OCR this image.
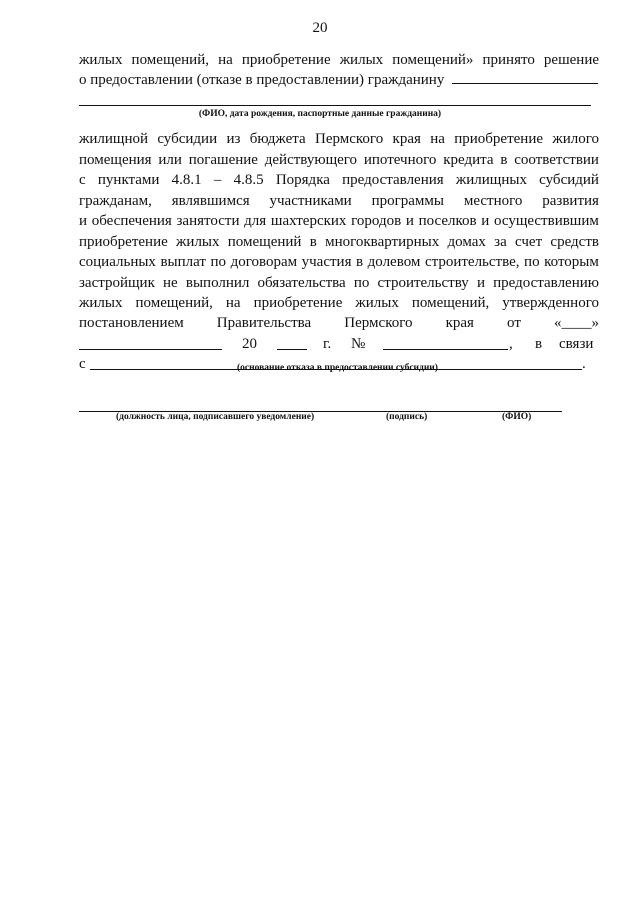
20
жилых помещений, на приобретение жилых помещений» принято решение
о предоставлении (отказе в предоставлении) гражданину
(ФИО, дата рождения, паспортные данные гражданина)
жилищной субсидии из бюджета Пермского края на приобретение жилого
помещения или погашение действующего ипотечного кредита в соответствии
с пунктами 4.8.1 – 4.8.5 Порядка предоставления жилищных субсидий
гражданам, являвшимся участниками программы местного развития
и обеспечения занятости для шахтерских городов и поселков и осуществившим
приобретение жилых помещений в многоквартирных домах за счет средств
социальных выплат по договорам участия в долевом строительстве, по которым
застройщик не выполнил обязательства по строительству и предоставлению
жилых помещений, на приобретение жилых помещений, утвержденного
постановлением Правительства Пермского края от «____»
20	г. №	, в связи
с	.
(основание отказа в предоставлении субсидии)
(должность лица, подписавшего уведомление)	(подпись)	(ФИО)
